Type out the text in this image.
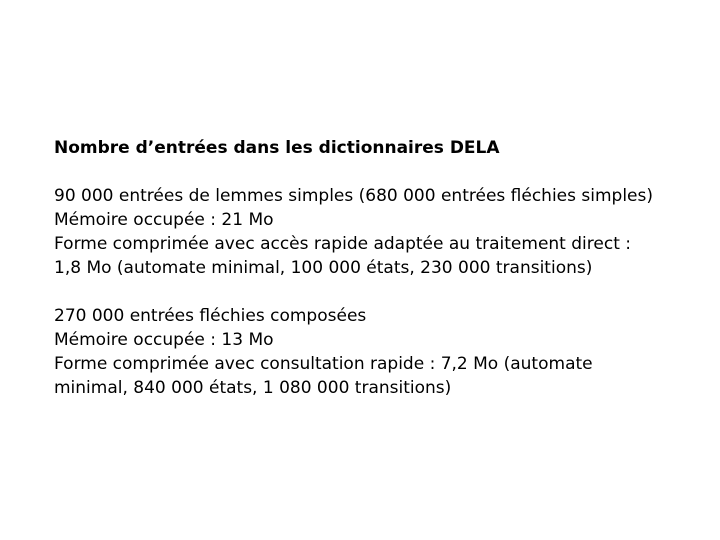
Nombre d’entrées dans les dictionnaires DELA
90 000 entrées de lemmes simples (680 000 entrées fléchies simples)
Mémoire occupée : 21 Mo
Forme comprimée avec accès rapide adaptée au traitement direct :
1,8 Mo (automate minimal, 100 000 états, 230 000 transitions)
270 000 entrées fléchies composées
Mémoire occupée : 13 Mo
Forme comprimée avec consultation rapide : 7,2 Mo (automate
minimal, 840 000 états, 1 080 000 transitions)
